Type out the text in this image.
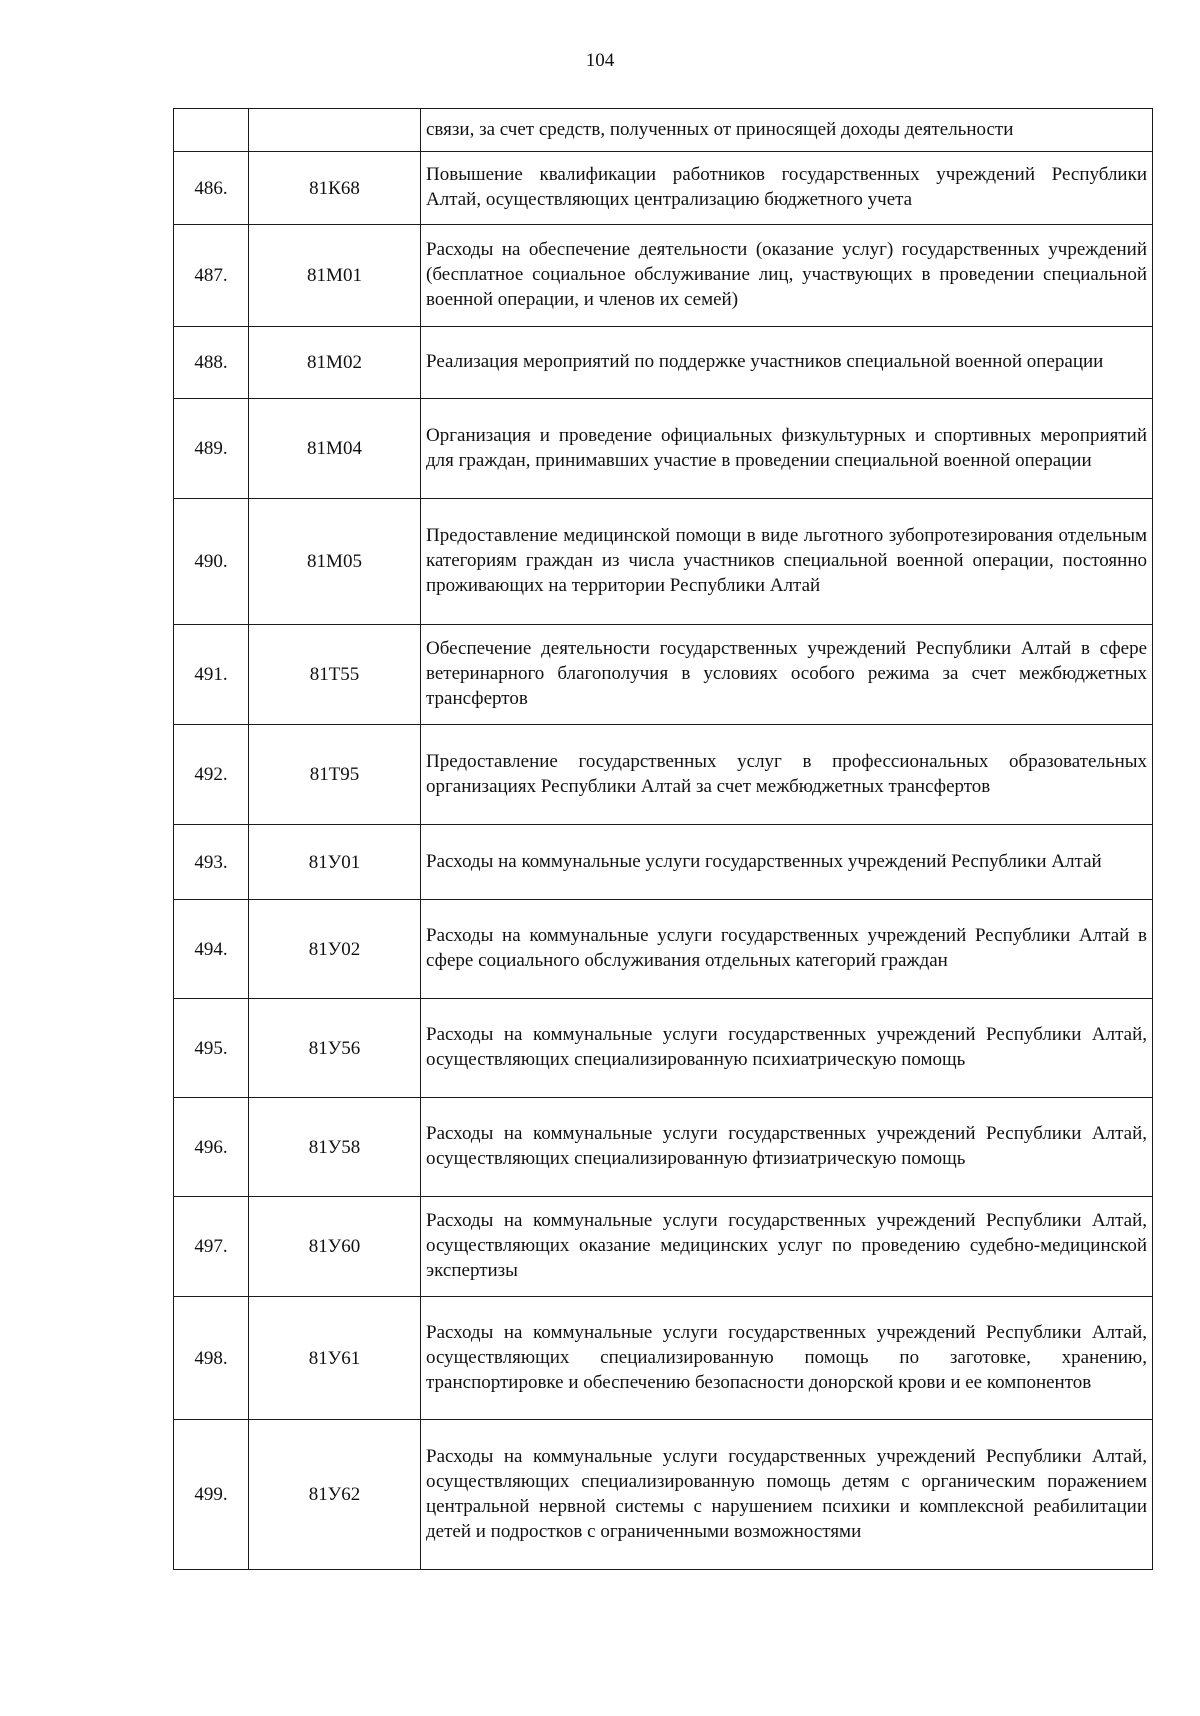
104
		связи, за счет средств, полученных от приносящей доходы деятельности
486.	81К68	Повышение квалификации работников государственных учреждений Республики Алтай, осуществляющих централизацию бюджетного учета
487.	81М01	Расходы на обеспечение деятельности (оказание услуг) государственных учреждений (бесплатное социальное обслуживание лиц, участвующих в проведении специальной военной операции, и членов их семей)
488.	81М02	Реализация мероприятий по поддержке участников специальной военной операции
489.	81М04	Организация и проведение официальных физкультурных и спортивных мероприятий для граждан, принимавших участие в проведении специальной военной операции
490.	81М05	Предоставление медицинской помощи в виде льготного зубопротезирования отдельным категориям граждан из числа участников специальной военной операции, постоянно проживающих на территории Республики Алтай
491.	81Т55	Обеспечение деятельности государственных учреждений Республики Алтай в сфере ветеринарного благополучия в условиях особого режима за счет межбюджетных трансфертов
492.	81Т95	Предоставление государственных услуг в профессиональных образовательных организациях Республики Алтай за счет межбюджетных трансфертов
493.	81У01	Расходы на коммунальные услуги государственных учреждений Республики Алтай
494.	81У02	Расходы на коммунальные услуги государственных учреждений Республики Алтай в сфере социального обслуживания отдельных категорий граждан
495.	81У56	Расходы на коммунальные услуги государственных учреждений Республики Алтай, осуществляющих специализированную психиатрическую помощь
496.	81У58	Расходы на коммунальные услуги государственных учреждений Республики Алтай, осуществляющих специализированную фтизиатрическую помощь
497.	81У60	Расходы на коммунальные услуги государственных учреждений Республики Алтай, осуществляющих оказание медицинских услуг по проведению судебно-медицинской экспертизы
498.	81У61	Расходы на коммунальные услуги государственных учреждений Республики Алтай, осуществляющих специализированную помощь по заготовке, хранению, транспортировке и обеспечению безопасности донорской крови и ее компонентов
499.	81У62	Расходы на коммунальные услуги государственных учреждений Республики Алтай, осуществляющих специализированную помощь детям с органическим поражением центральной нервной системы с нарушением психики и комплексной реабилитации детей и подростков с ограниченными возможностями
